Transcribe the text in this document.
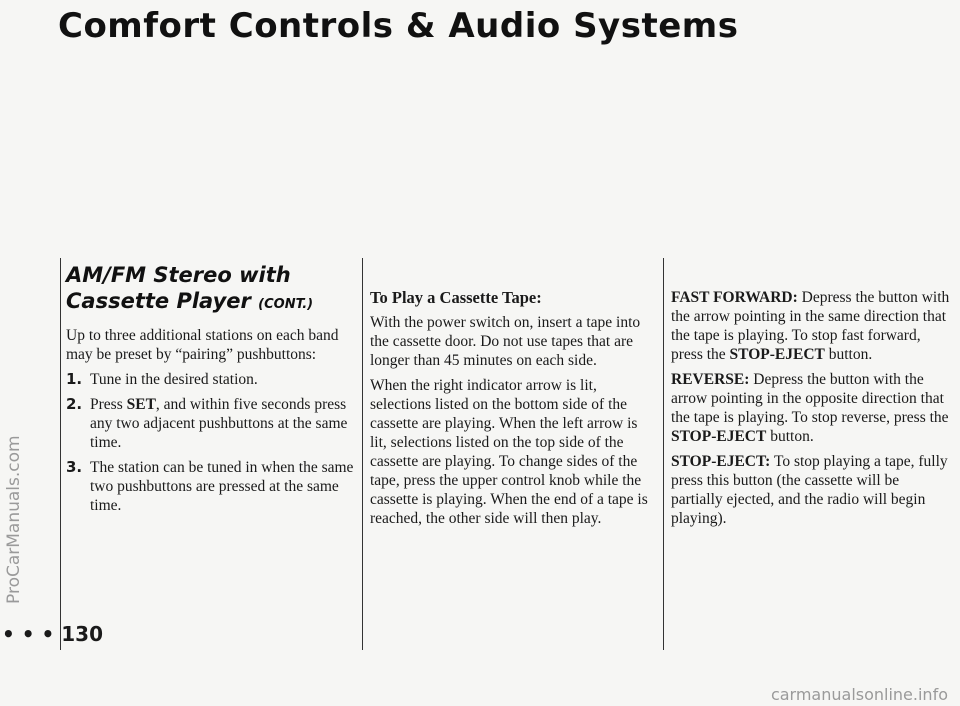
Comfort Controls & Audio Systems
ProCarManuals.com
AM/FM Stereo with Cassette Player (CONT.)

Up to three additional stations on each band may be preset by “pairing” pushbuttons:

1. Tune in the desired station.
2. Press SET, and within five seconds press any two adjacent pushbuttons at the same time.
3. The station can be tuned in when the same two pushbuttons are pressed at the same time.
To Play a Cassette Tape:

With the power switch on, insert a tape into the cassette door. Do not use tapes that are longer than 45 minutes on each side.

When the right indicator arrow is lit, selections listed on the bottom side of the cassette are playing. When the left arrow is lit, selections listed on the top side of the cassette are playing. To change sides of the tape, press the upper control knob while the cassette is playing. When the end of a tape is reached, the other side will then play.

FAST FORWARD: Depress the button with the arrow pointing in the same direction that the tape is playing. To stop fast forward, press the STOP-EJECT button.

REVERSE: Depress the button with the arrow pointing in the opposite direction that the tape is playing. To stop reverse, press the STOP-EJECT button.

STOP-EJECT: To stop playing a tape, fully press this button (the cassette will be partially ejected, and the radio will begin playing).

• • • 130
carmanualsonline.info
